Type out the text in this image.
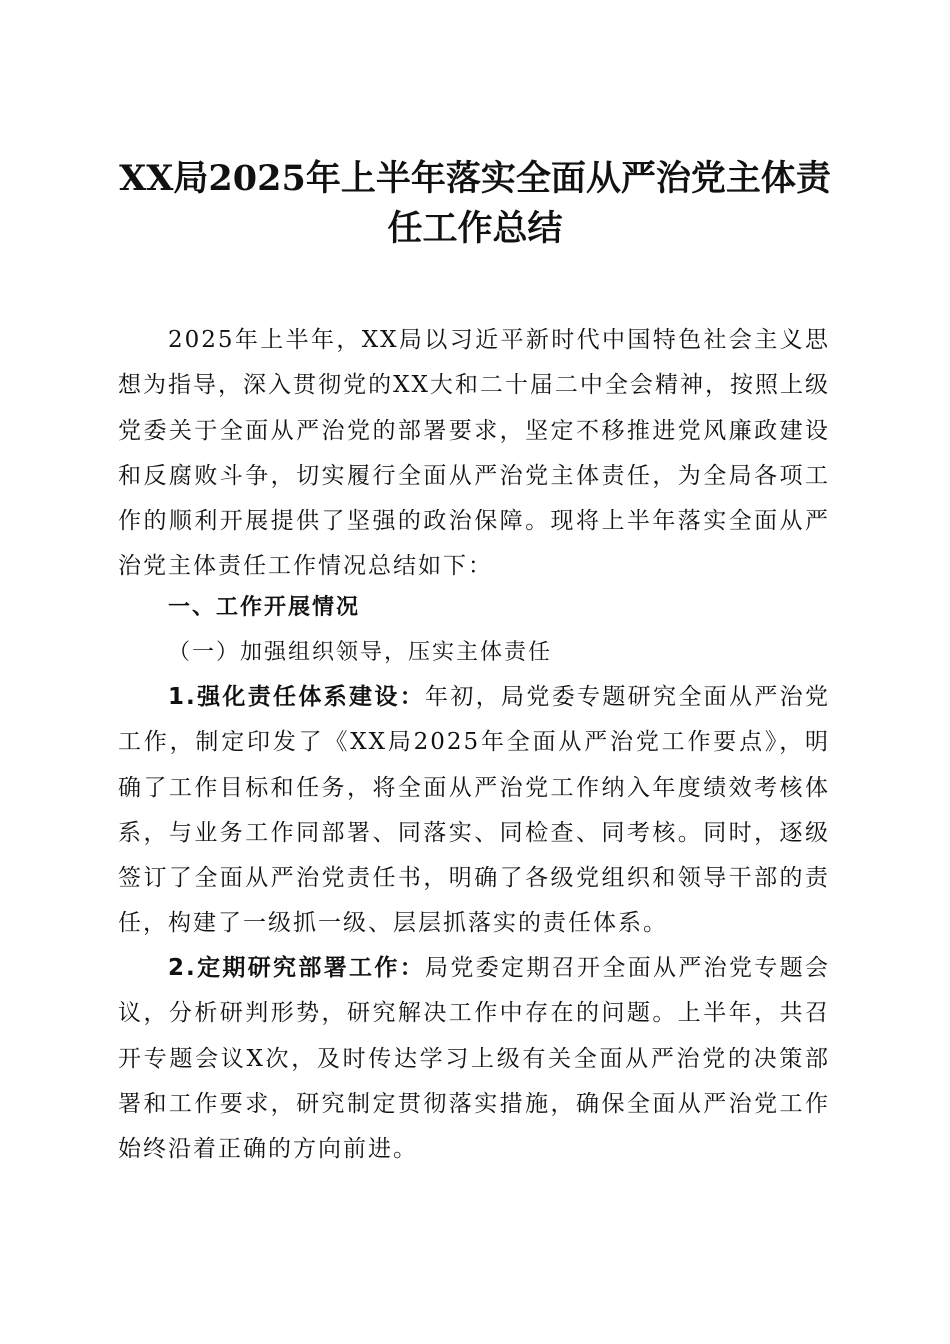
XX局2025年上半年落实全面从严治党主体责任工作总结

2025年上半年，XX局以习近平新时代中国特色社会主义思想为指导，深入贯彻党的XX大和二十届二中全会精神，按照上级党委关于全面从严治党的部署要求，坚定不移推进党风廉政建设和反腐败斗争，切实履行全面从严治党主体责任，为全局各项工作的顺利开展提供了坚强的政治保障。现将上半年落实全面从严治党主体责任工作情况总结如下：

一、工作开展情况

（一）加强组织领导，压实主体责任

1.强化责任体系建设：年初，局党委专题研究全面从严治党工作，制定印发了《XX局2025年全面从严治党工作要点》，明确了工作目标和任务，将全面从严治党工作纳入年度绩效考核体系，与业务工作同部署、同落实、同检查、同考核。同时，逐级签订了全面从严治党责任书，明确了各级党组织和领导干部的责任，构建了一级抓一级、层层抓落实的责任体系。

2.定期研究部署工作：局党委定期召开全面从严治党专题会议，分析研判形势，研究解决工作中存在的问题。上半年，共召开专题会议X次，及时传达学习上级有关全面从严治党的决策部署和工作要求，研究制定贯彻落实措施，确保全面从严治党工作始终沿着正确的方向前进。
